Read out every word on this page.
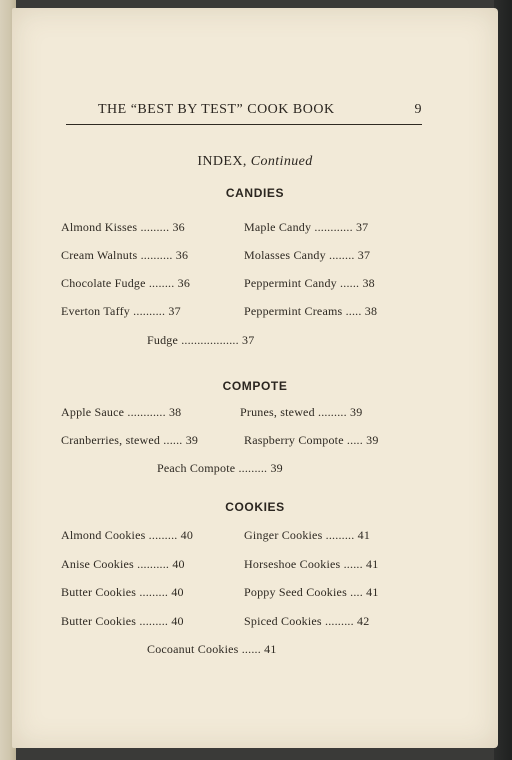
THE “BEST BY TEST” COOK BOOK	9
INDEX, Continued
CANDIES
Almond Kisses ......... 36	Maple Candy ............ 37
Cream Walnuts .......... 36	Molasses Candy ........ 37
Chocolate Fudge ........ 36	Peppermint Candy ...... 38
Everton Taffy .......... 37	Peppermint Creams ..... 38
Fudge .................. 37
COMPOTE
Apple Sauce ............ 38	Prunes, stewed ......... 39
Cranberries, stewed ...... 39	Raspberry Compote ..... 39
Peach Compote ......... 39
COOKIES
Almond Cookies ......... 40	Ginger Cookies ......... 41
Anise Cookies .......... 40	Horseshoe Cookies ...... 41
Butter Cookies ......... 40	Poppy Seed Cookies .... 41
Butter Cookies ......... 40	Spiced Cookies ......... 42
Cocoanut Cookies ...... 41
